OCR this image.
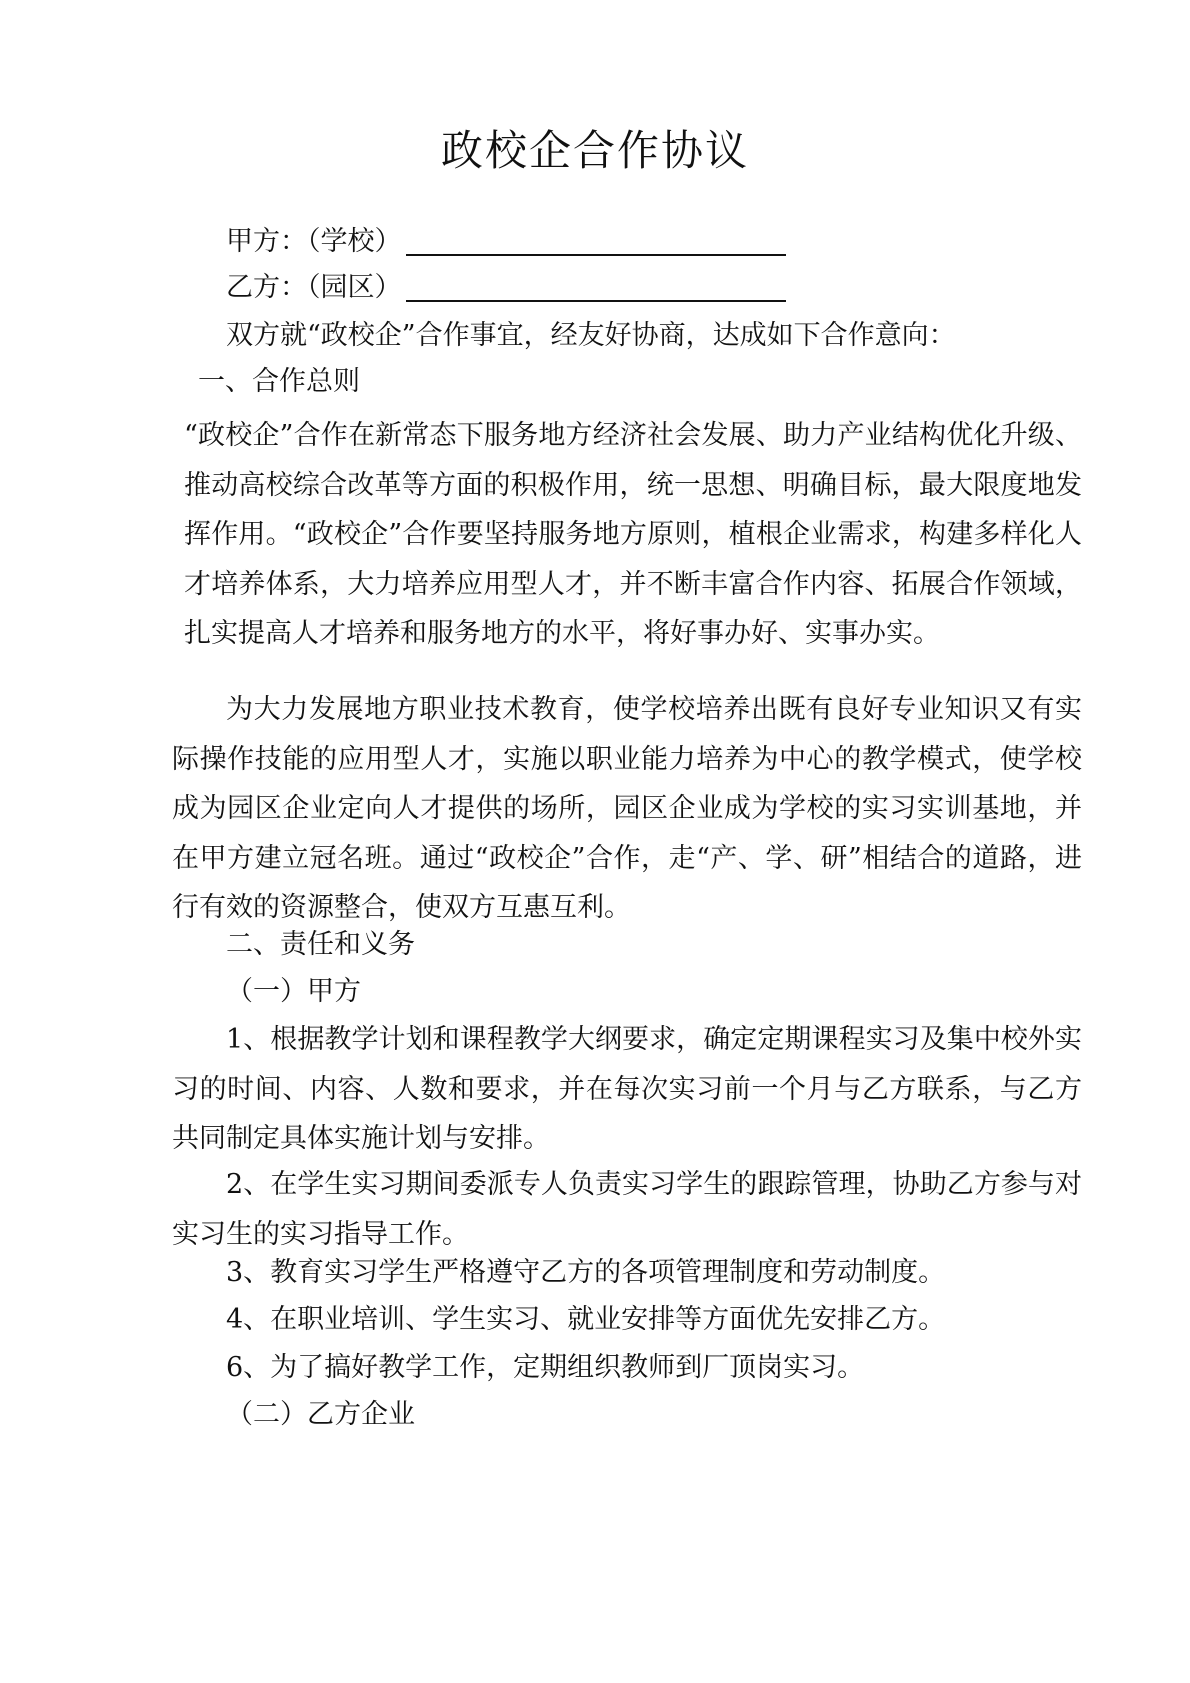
政校企合作协议
甲方：（学校）
乙方：（园区）
双方就“政校企”合作事宜，经友好协商，达成如下合作意向：
一、合作总则
“政校企”合作在新常态下服务地方经济社会发展、助力产业结构优化升级、推动高校综合改革等方面的积极作用，统一思想、明确目标，最大限度地发挥作用。“政校企”合作要坚持服务地方原则，植根企业需求，构建多样化人才培养体系，大力培养应用型人才，并不断丰富合作内容、拓展合作领域，扎实提高人才培养和服务地方的水平，将好事办好、实事办实。
为大力发展地方职业技术教育，使学校培养出既有良好专业知识又有实际操作技能的应用型人才，实施以职业能力培养为中心的教学模式，使学校成为园区企业定向人才提供的场所，园区企业成为学校的实习实训基地，并在甲方建立冠名班。通过“政校企”合作，走“产、学、研”相结合的道路，进行有效的资源整合，使双方互惠互利。
二、责任和义务
（一）甲方
1、根据教学计划和课程教学大纲要求，确定定期课程实习及集中校外实习的时间、内容、人数和要求，并在每次实习前一个月与乙方联系，与乙方共同制定具体实施计划与安排。
2、在学生实习期间委派专人负责实习学生的跟踪管理，协助乙方参与对实习生的实习指导工作。
3、教育实习学生严格遵守乙方的各项管理制度和劳动制度。
4、在职业培训、学生实习、就业安排等方面优先安排乙方。
6、为了搞好教学工作，定期组织教师到厂顶岗实习。
（二）乙方企业
